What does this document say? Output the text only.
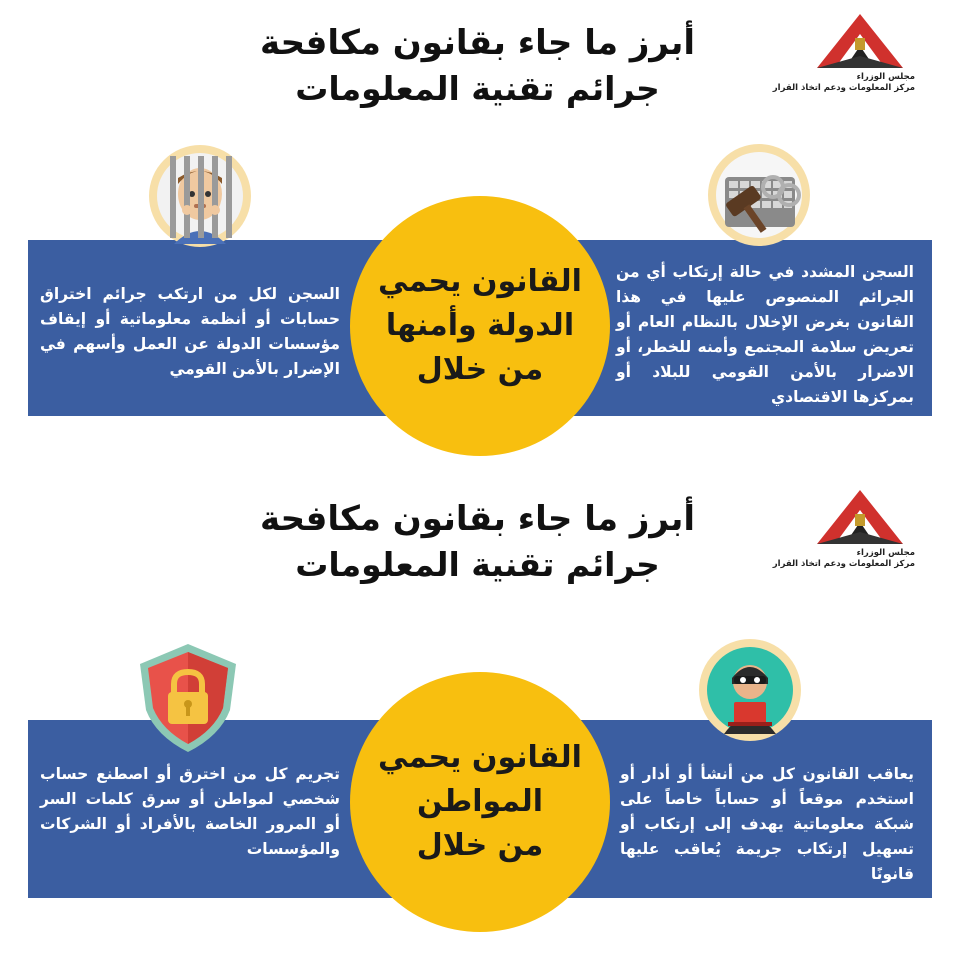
أبرز ما جاء بقانون مكافحة
جرائم تقنية المعلومات	مجلس الوزراء
مركز المعلومات ودعم اتخاذ القرار
السجن المشدد في حالة إرتكاب أي من الجرائم المنصوص عليها في هذا القانون بغرض الإخلال بالنظام العام أو تعريض سلامة المجتمع وأمنه للخطر، أو الاضرار بالأمن القومي للبلاد أو بمركزها الاقتصادي
السجن لكل من ارتكب جرائم اختراق حسابات أو أنظمة معلوماتية أو إيقاف مؤسسات الدولة عن العمل وأسهم في الإضرار بالأمن القومي
القانون يحمي
الدولة وأمنها
من خلال
أبرز ما جاء بقانون مكافحة
جرائم تقنية المعلومات	مجلس الوزراء
مركز المعلومات ودعم اتخاذ القرار
يعاقب القانون كل من أنشأ أو أدار أو استخدم موقعاً أو حساباً خاصاً على شبكة معلوماتية يهدف إلى إرتكاب أو تسهيل إرتكاب جريمة يُعاقب عليها قانونًا
تجريم كل من اخترق أو اصطنع حساب شخصي لمواطن أو سرق كلمات السر أو المرور الخاصة بالأفراد أو الشركات والمؤسسات
القانون يحمي
المواطن
من خلال
